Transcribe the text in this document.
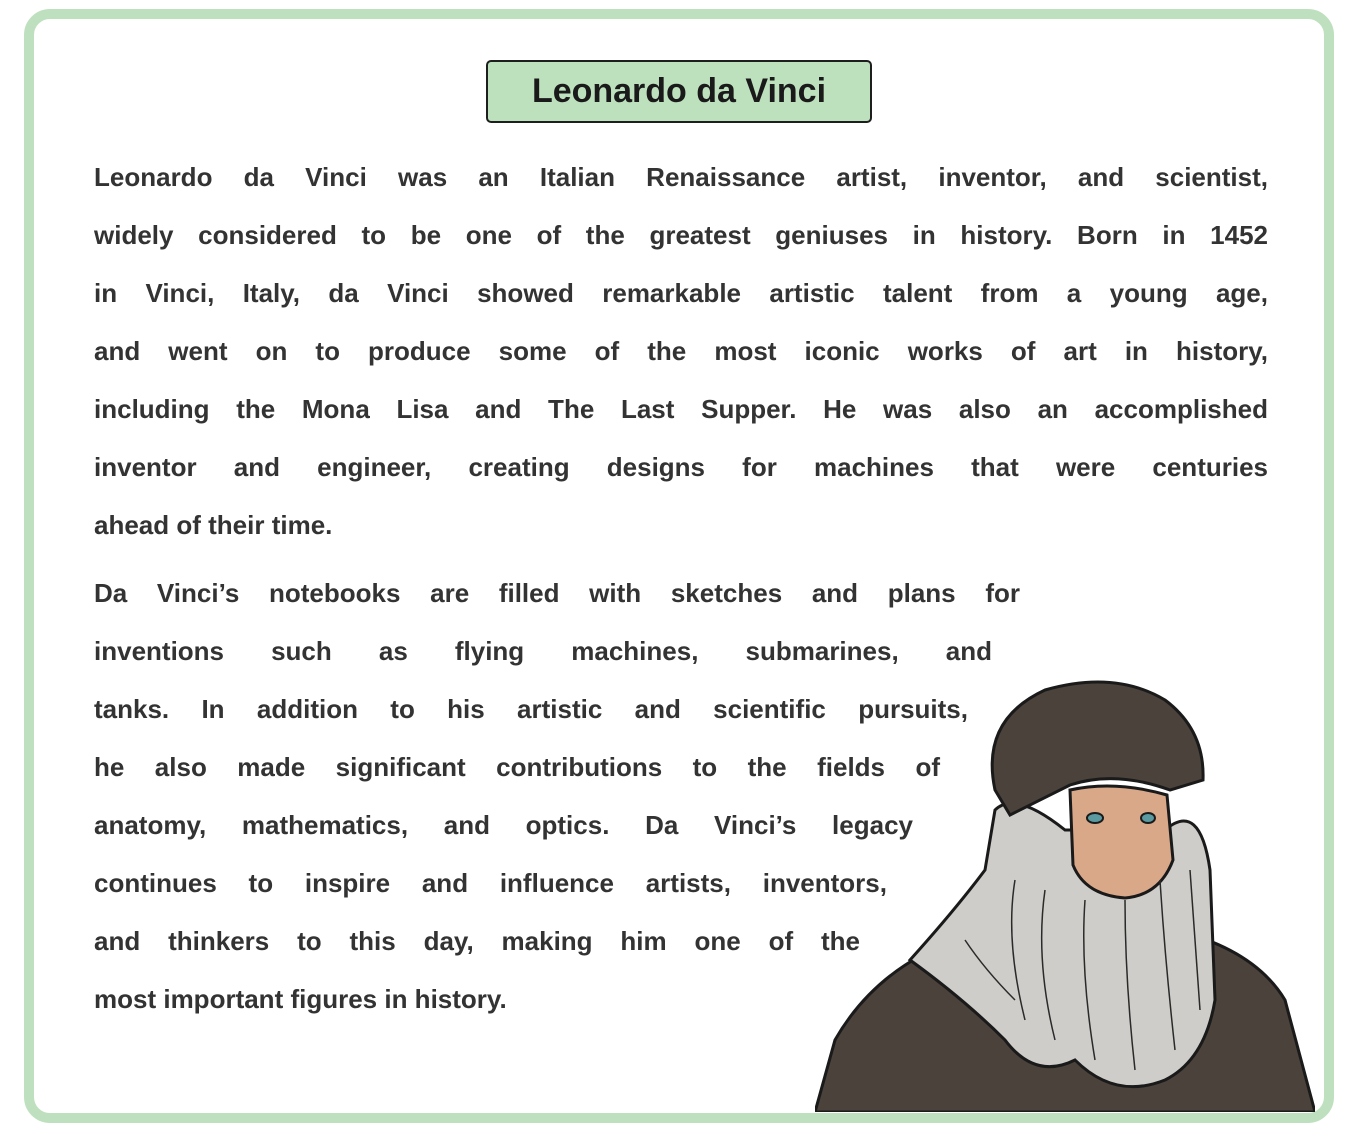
Leonardo da Vinci
Leonardo da Vinci was an Italian Renaissance artist, inventor, and scientist,
widely considered to be one of the greatest geniuses in history. Born in 1452
in Vinci, Italy, da Vinci showed remarkable artistic talent from a young age,
and went on to produce some of the most iconic works of art in history,
including the Mona Lisa and The Last Supper. He was also an accomplished
inventor and engineer, creating designs for machines that were centuries
ahead of their time.
Da Vinci’s notebooks are filled with sketches and plans for
inventions such as flying machines, submarines, and
tanks. In addition to his artistic and scientific pursuits,
he also made significant contributions to the fields of
anatomy, mathematics, and optics. Da Vinci’s legacy
continues to inspire and influence artists, inventors,
and thinkers to this day, making him one of the
most important figures in history.
